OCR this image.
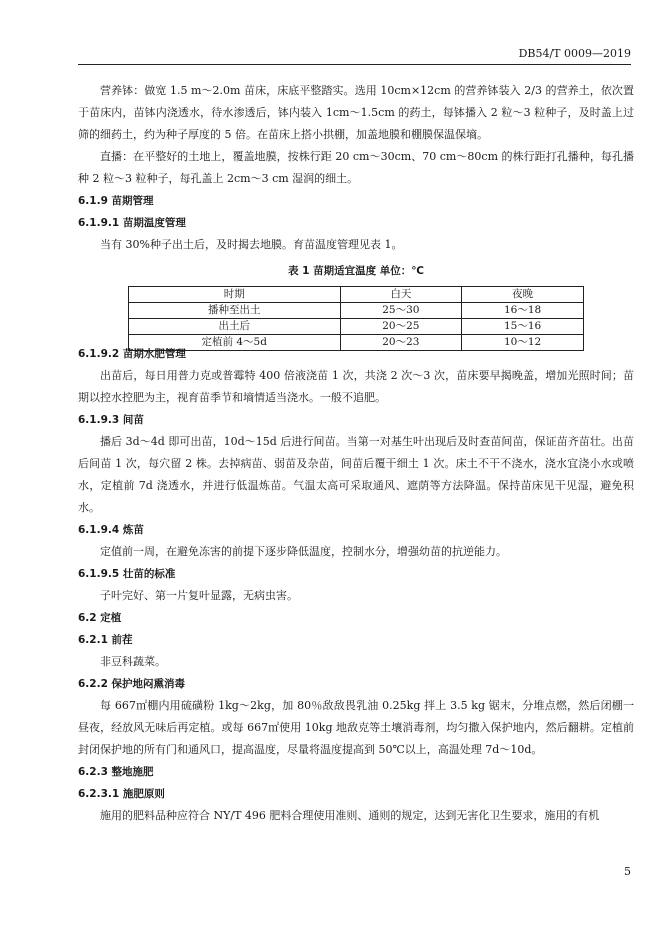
DB54/T 0009—2019

营养钵：做宽 1.5 m～2.0m 苗床，床底平整踏实。选用 10cm×12cm 的营养钵装入 2/3 的营养土，依次置于苗床内，苗钵内浇透水，待水渗透后，钵内装入 1cm～1.5cm 的药土，每钵播入 2 粒～3 粒种子，及时盖上过筛的细药土，约为种子厚度的 5 倍。在苗床上搭小拱棚，加盖地膜和棚膜保温保墒。

直播：在平整好的土地上，覆盖地膜，按株行距 20 cm～30cm、70 cm～80cm 的株行距打孔播种，每孔播种 2 粒～3 粒种子，每孔盖上 2cm～3 cm 湿润的细土。

6.1.9 苗期管理

6.1.9.1 苗期温度管理

当有 30%种子出土后，及时揭去地膜。育苗温度管理见表 1。

表 1 苗期适宜温度 单位：℃

时期	白天	夜晚
播种至出土	25～30	16～18
出土后	20～25	15～16
定植前 4～5d	20～23	10～12

6.1.9.2 苗期水肥管理

出苗后，每日用普力克或普霉特 400 倍液浇苗 1 次，共浇 2 次～3 次，苗床要早揭晚盖，增加光照时间；苗期以控水控肥为主，视育苗季节和墒情适当浇水。一般不追肥。

6.1.9.3 间苗

播后 3d～4d 即可出苗，10d～15d 后进行间苗。当第一对基生叶出现后及时查苗间苗，保证苗齐苗壮。出苗后间苗 1 次，每穴留 2 株。去掉病苗、弱苗及杂苗，间苗后覆干细土 1 次。床土不干不浇水，浇水宜浇小水或喷水，定植前 7d 浇透水，并进行低温炼苗。气温太高可采取通风、遮荫等方法降温。保持苗床见干见湿，避免积水。

6.1.9.4 炼苗

定值前一周，在避免冻害的前提下逐步降低温度，控制水分，增强幼苗的抗逆能力。

6.1.9.5 壮苗的标准

子叶完好、第一片复叶显露，无病虫害。

6.2 定植

6.2.1 前茬

非豆科蔬菜。

6.2.2 保护地闷熏消毒

每 667㎡棚内用硫磺粉 1kg～2kg，加 80％敌敌畏乳油 0.25kg 拌上 3.5 kg 锯末，分堆点燃，然后闭棚一昼夜，经放风无味后再定植。或每 667㎡使用 10kg 地敌克等土壤消毒剂，均匀撒入保护地内，然后翻耕。定植前封闭保护地的所有门和通风口，提高温度，尽量将温度提高到 50℃以上，高温处理 7d～10d。

6.2.3 整地施肥

6.2.3.1 施肥原则

施用的肥料品种应符合 NY/T 496 肥料合理使用准则、通则的规定，达到无害化卫生要求，施用的有机

5
